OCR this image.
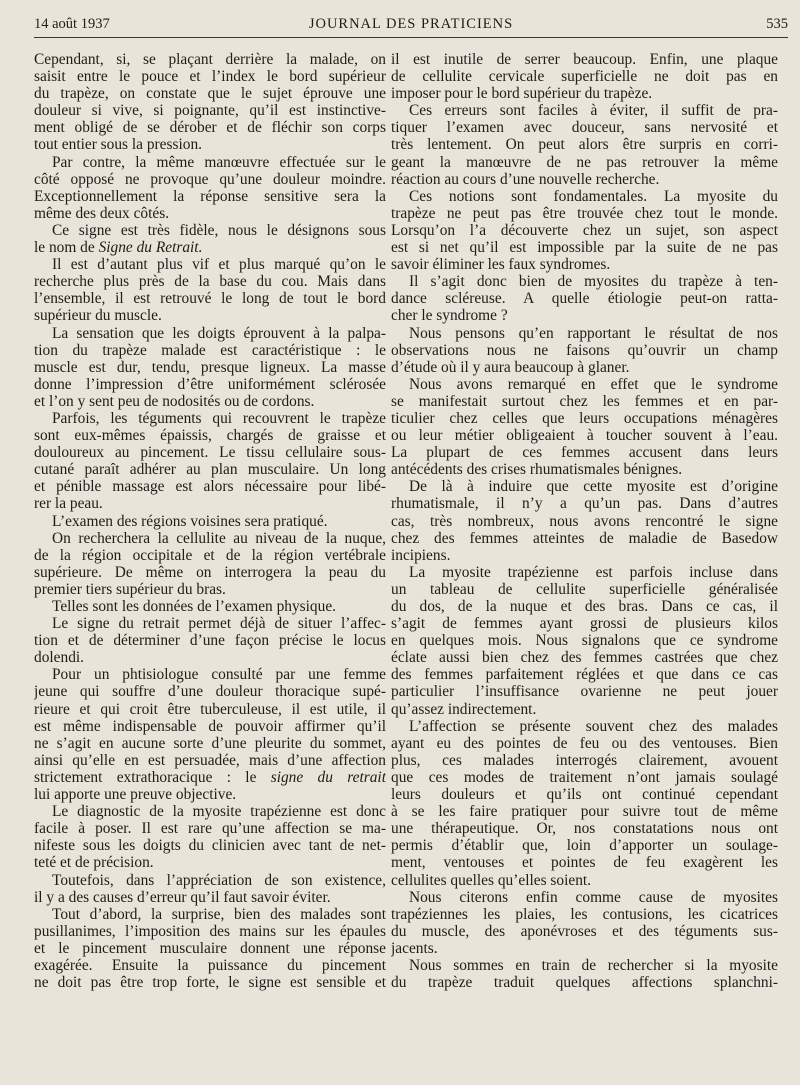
14 août 1937	JOURNAL DES PRATICIENS	535
Cependant, si, se plaçant derrière la malade, on
saisit entre le pouce et l’index le bord supérieur
du trapèze, on constate que le sujet éprouve une
douleur si vive, si poignante, qu’il est instinctive-
ment obligé de se dérober et de fléchir son corps
tout entier sous la pression.
Par contre, la même manœuvre effectuée sur le
côté opposé ne provoque qu’une douleur moindre.
Exceptionnellement la réponse sensitive sera la
même des deux côtés.
Ce signe est très fidèle, nous le désignons sous
le nom de Signe du Retrait.
Il est d’autant plus vif et plus marqué qu’on le
recherche plus près de la base du cou. Mais dans
l’ensemble, il est retrouvé le long de tout le bord
supérieur du muscle.
La sensation que les doigts éprouvent à la palpa-
tion du trapèze malade est caractéristique : le
muscle est dur, tendu, presque ligneux. La masse
donne l’impression d’être uniformément sclérosée
et l’on y sent peu de nodosités ou de cordons.
Parfois, les téguments qui recouvrent le trapèze
sont eux-mêmes épaissis, chargés de graisse et
douloureux au pincement. Le tissu cellulaire sous-
cutané paraît adhérer au plan musculaire. Un long
et pénible massage est alors nécessaire pour libé-
rer la peau.
L’examen des régions voisines sera pratiqué.
On recherchera la cellulite au niveau de la nuque,
de la région occipitale et de la région vertébrale
supérieure. De même on interrogera la peau du
premier tiers supérieur du bras.
Telles sont les données de l’examen physique.
Le signe du retrait permet déjà de situer l’affec-
tion et de déterminer d’une façon précise le locus
dolendi.
Pour un phtisiologue consulté par une femme
jeune qui souffre d’une douleur thoracique supé-
rieure et qui croit être tuberculeuse, il est utile, il
est même indispensable de pouvoir affirmer qu’il
ne s’agit en aucune sorte d’une pleurite du sommet,
ainsi qu’elle en est persuadée, mais d’une affection
strictement extrathoracique : le signe du retrait
lui apporte une preuve objective.
Le diagnostic de la myosite trapézienne est donc
facile à poser. Il est rare qu’une affection se ma-
nifeste sous les doigts du clinicien avec tant de net-
teté et de précision.
Toutefois, dans l’appréciation de son existence,
il y a des causes d’erreur qu’il faut savoir éviter.
Tout d’abord, la surprise, bien des malades sont
pusillanimes, l’imposition des mains sur les épaules
et le pincement musculaire donnent une réponse
exagérée. Ensuite la puissance du pincement
ne doit pas être trop forte, le signe est sensible et
il est inutile de serrer beaucoup. Enfin, une plaque
de cellulite cervicale superficielle ne doit pas en
imposer pour le bord supérieur du trapèze.
Ces erreurs sont faciles à éviter, il suffit de pra-
tiquer l’examen avec douceur, sans nervosité et
très lentement. On peut alors être surpris en corri-
geant la manœuvre de ne pas retrouver la même
réaction au cours d’une nouvelle recherche.
Ces notions sont fondamentales. La myosite du
trapèze ne peut pas être trouvée chez tout le monde.
Lorsqu’on l’a découverte chez un sujet, son aspect
est si net qu’il est impossible par la suite de ne pas
savoir éliminer les faux syndromes.
Il s’agit donc bien de myosites du trapèze à ten-
dance scléreuse. A quelle étiologie peut-on ratta-
cher le syndrome ?
Nous pensons qu’en rapportant le résultat de nos
observations nous ne faisons qu’ouvrir un champ
d’étude où il y aura beaucoup à glaner.
Nous avons remarqué en effet que le syndrome
se manifestait surtout chez les femmes et en par-
ticulier chez celles que leurs occupations ménagères
ou leur métier obligeaient à toucher souvent à l’eau.
La plupart de ces femmes accusent dans leurs
antécédents des crises rhumatismales bénignes.
De là à induire que cette myosite est d’origine
rhumatismale, il n’y a qu’un pas. Dans d’autres
cas, très nombreux, nous avons rencontré le signe
chez des femmes atteintes de maladie de Basedow
incipiens.
La myosite trapézienne est parfois incluse dans
un tableau de cellulite superficielle généralisée
du dos, de la nuque et des bras. Dans ce cas, il
s’agit de femmes ayant grossi de plusieurs kilos
en quelques mois. Nous signalons que ce syndrome
éclate aussi bien chez des femmes castrées que chez
des femmes parfaitement réglées et que dans ce cas
particulier l’insuffisance ovarienne ne peut jouer
qu’assez indirectement.
L’affection se présente souvent chez des malades
ayant eu des pointes de feu ou des ventouses. Bien
plus, ces malades interrogés clairement, avouent
que ces modes de traitement n’ont jamais soulagé
leurs douleurs et qu’ils ont continué cependant
à se les faire pratiquer pour suivre tout de même
une thérapeutique. Or, nos constatations nous ont
permis d’établir que, loin d’apporter un soulage-
ment, ventouses et pointes de feu exagèrent les
cellulites quelles qu’elles soient.
Nous citerons enfin comme cause de myosites
trapéziennes les plaies, les contusions, les cicatrices
du muscle, des aponévroses et des téguments sus-
jacents.
Nous sommes en train de rechercher si la myosite
du trapèze traduit quelques affections splanchni-
